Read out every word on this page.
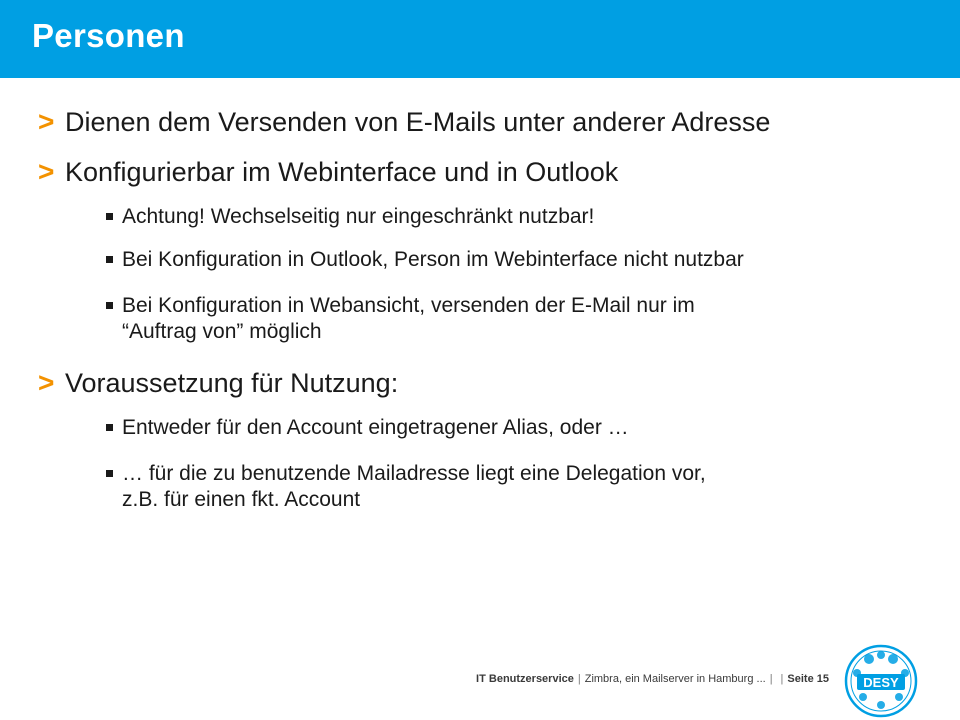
Personen
> Dienen dem Versenden von E-Mails unter anderer Adresse
> Konfigurierbar im Webinterface und in Outlook
Achtung! Wechselseitig nur eingeschränkt nutzbar!
Bei Konfiguration in Outlook, Person im Webinterface nicht nutzbar
Bei Konfiguration in Webansicht, versenden der E-Mail nur im
“Auftrag von” möglich
> Voraussetzung für Nutzung:
Entweder für den Account eingetragener Alias, oder …
… für die zu benutzende Mailadresse liegt eine Delegation vor,
z.B. für einen fkt. Account
IT Benutzerservice | Zimbra, ein Mailserver in Hamburg ... | | Seite 15	DESY
